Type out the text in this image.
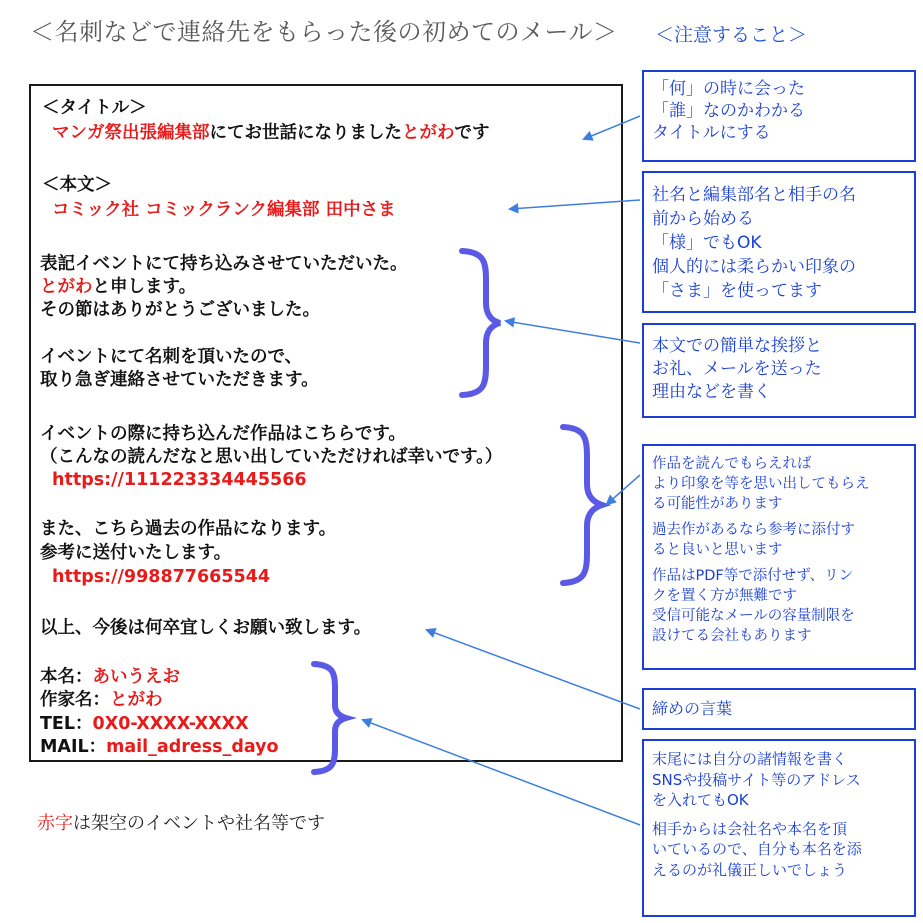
＜名刺などで連絡先をもらった後の初めてのメール＞ ＜注意すること＞
＜タイトル＞
マンガ祭出張編集部にてお世話になりましたとがわです
＜本文＞
コミック社 コミックランク編集部 田中さま
表記イベントにて持ち込みさせていただいた。
とがわと申します。
その節はありがとうございました。
イベントにて名刺を頂いたので、
取り急ぎ連絡させていただきます。
イベントの際に持ち込んだ作品はこちらです。
（こんなの読んだなと思い出していただければ幸いです。）
https://111223334445566
また、こちら過去の作品になります。
参考に送付いたします。
https://998877665544
以上、今後は何卒宜しくお願い致します。
本名：あいうえお
作家名：とがわ
TEL：0X0-XXXX-XXXX
MAIL：mail_adress_dayo
赤字は架空のイベントや社名等です
「何」の時に会った
「誰」なのかわかる
タイトルにする
社名と編集部名と相手の名
前から始める
「様」でもOK
個人的には柔らかい印象の
「さま」を使ってます
本文での簡単な挨拶と
お礼、メールを送った
理由などを書く
作品を読んでもらえれば
より印象を等を思い出してもらえ
る可能性があります
過去作があるなら参考に添付す
ると良いと思います
作品はPDF等で添付せず、リン
クを置く方が無難です
受信可能なメールの容量制限を
設けてる会社もあります
締めの言葉
末尾には自分の諸情報を書く
SNSや投稿サイト等のアドレス
を入れてもOK
相手からは会社名や本名を頂
いているので、自分も本名を添
えるのが礼儀正しいでしょう
